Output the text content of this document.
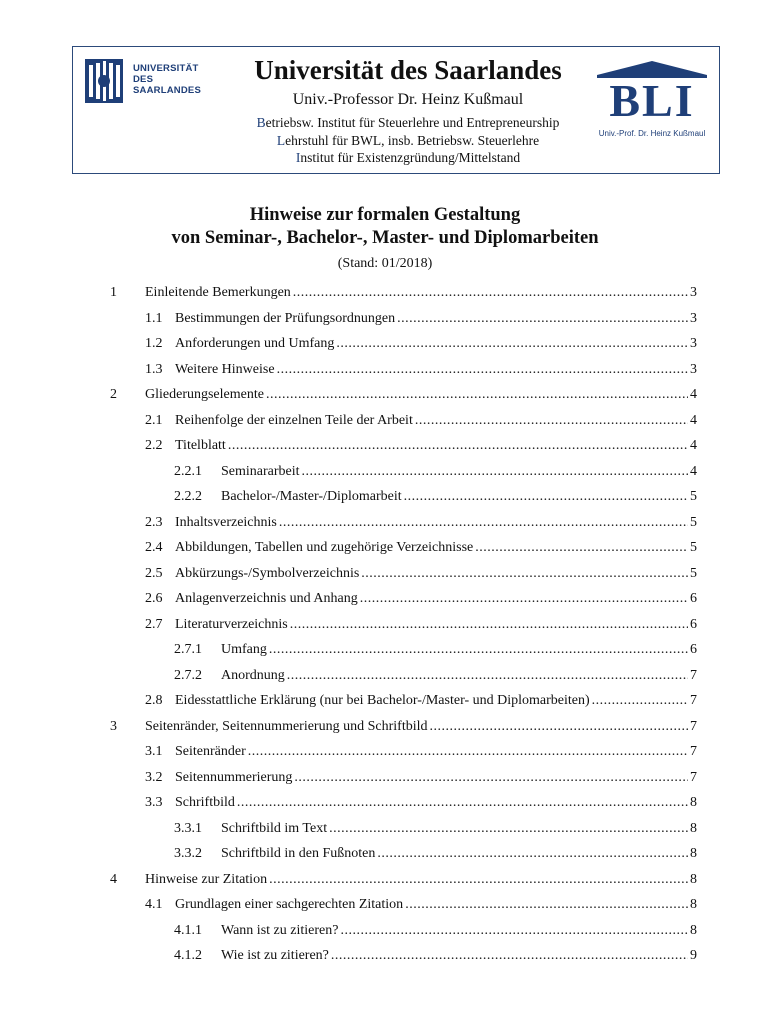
UNIVERSITÄT
DES
SAARLANDES
Universität des Saarlandes
Univ.-Professor Dr. Heinz Kußmaul
Betriebsw. Institut für Steuerlehre und Entrepreneurship
Lehrstuhl für BWL, insb. Betriebsw. Steuerlehre
Institut für Existenzgründung/Mittelstand
BLI
Univ.-Prof. Dr. Heinz Kußmaul
Hinweise zur formalen Gestaltung
von Seminar-, Bachelor-, Master- und Diplomarbeiten
(Stand: 01/2018)
1 Einleitende Bemerkungen .....	3
1.1 Bestimmungen der Prüfungsordnungen .....	3
1.2 Anforderungen und Umfang .....	3
1.3 Weitere Hinweise .....	3
2 Gliederungselemente .....	4
2.1 Reihenfolge der einzelnen Teile der Arbeit .....	4
2.2 Titelblatt .....	4
2.2.1 Seminararbeit .....	4
2.2.2 Bachelor-/Master-/Diplomarbeit .....	5
2.3 Inhaltsverzeichnis .....	5
2.4 Abbildungen, Tabellen und zugehörige Verzeichnisse .....	5
2.5 Abkürzungs-/Symbolverzeichnis .....	5
2.6 Anlagenverzeichnis und Anhang .....	6
2.7 Literaturverzeichnis .....	6
2.7.1 Umfang .....	6
2.7.2 Anordnung .....	7
2.8 Eidesstattliche Erklärung (nur bei Bachelor-/Master- und Diplomarbeiten) .....	7
3 Seitenränder, Seitennummerierung und Schriftbild .....	7
3.1 Seitenränder .....	7
3.2 Seitennummerierung .....	7
3.3 Schriftbild .....	8
3.3.1 Schriftbild im Text .....	8
3.3.2 Schriftbild in den Fußnoten .....	8
4 Hinweise zur Zitation .....	8
4.1 Grundlagen einer sachgerechten Zitation .....	8
4.1.1 Wann ist zu zitieren? .....	8
4.1.2 Wie ist zu zitieren? .....	9
